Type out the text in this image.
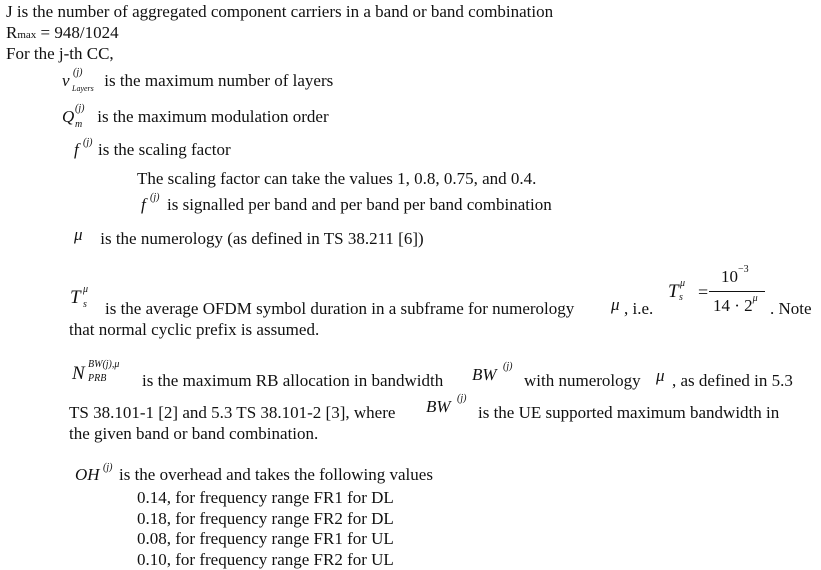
J is the number of aggregated component carriers in a band or band combination
Rmax = 948/1024
For the j-th CC,
v (j)
Layers is the maximum number of layers
Q (j)
m is the maximum modulation order
f (j) is the scaling factor
The scaling factor can take the values 1, 0.8, 0.75, and 0.4.
f (j) is signalled per band and per band per band combination
μ is the numerology (as defined in TS 38.211 [6])
T μ
s is the average OFDM symbol duration in a subframe for numerology μ , i.e.
T μ
s =
$10^{-3}$
$14 \cdot 2^\mu$
. Note
that normal cyclic prefix is assumed.
N BW(j),μ
PRB is the maximum RB allocation in bandwidth BW (j)
with numerology μ , as defined in 5.3
TS 38.101-1 [2] and 5.3 TS 38.101-2 [3], where BW (j)
is the UE supported maximum bandwidth in
the given band or band combination.
OH (j) is the overhead and takes the following values
0.14, for frequency range FR1 for DL
0.18, for frequency range FR2 for DL
0.08, for frequency range FR1 for UL
0.10, for frequency range FR2 for UL
